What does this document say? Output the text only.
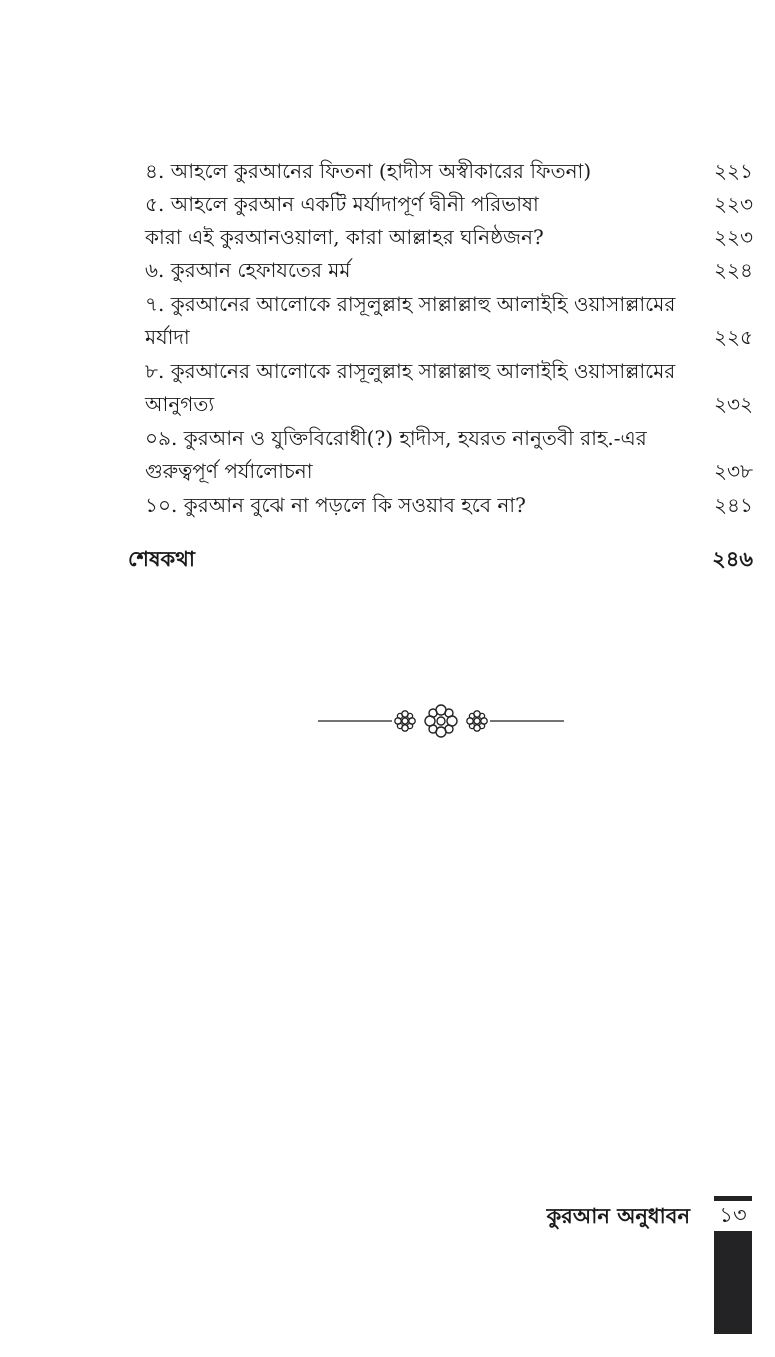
৪. আহলে কুরআনের ফিতনা (হাদীস অস্বীকারের ফিতনা)	২২১
৫. আহলে কুরআন একটি মর্যাদাপূর্ণ দ্বীনী পরিভাষা	২২৩
কারা এই কুরআনওয়ালা, কারা আল্লাহর ঘনিষ্ঠজন?	২২৩
৬. কুরআন হেফাযতের মর্ম	২২৪
৭. কুরআনের আলোকে রাসূলুল্লাহ সাল্লাল্লাহু আলাইহি ওয়াসাল্লামের
মর্যাদা	২২৫
৮. কুরআনের আলোকে রাসূলুল্লাহ সাল্লাল্লাহু আলাইহি ওয়াসাল্লামের
আনুগত্য	২৩২
০৯. কুরআন ও যুক্তিবিরোধী(?) হাদীস, হযরত নানুতবী রাহ.-এর
গুরুত্বপূর্ণ পর্যালোচনা	২৩৮
১০. কুরআন বুঝে না পড়লে কি সওয়াব হবে না?	২৪১
শেষকথা	২৪৬
কুরআন অনুধাবন ১৩
